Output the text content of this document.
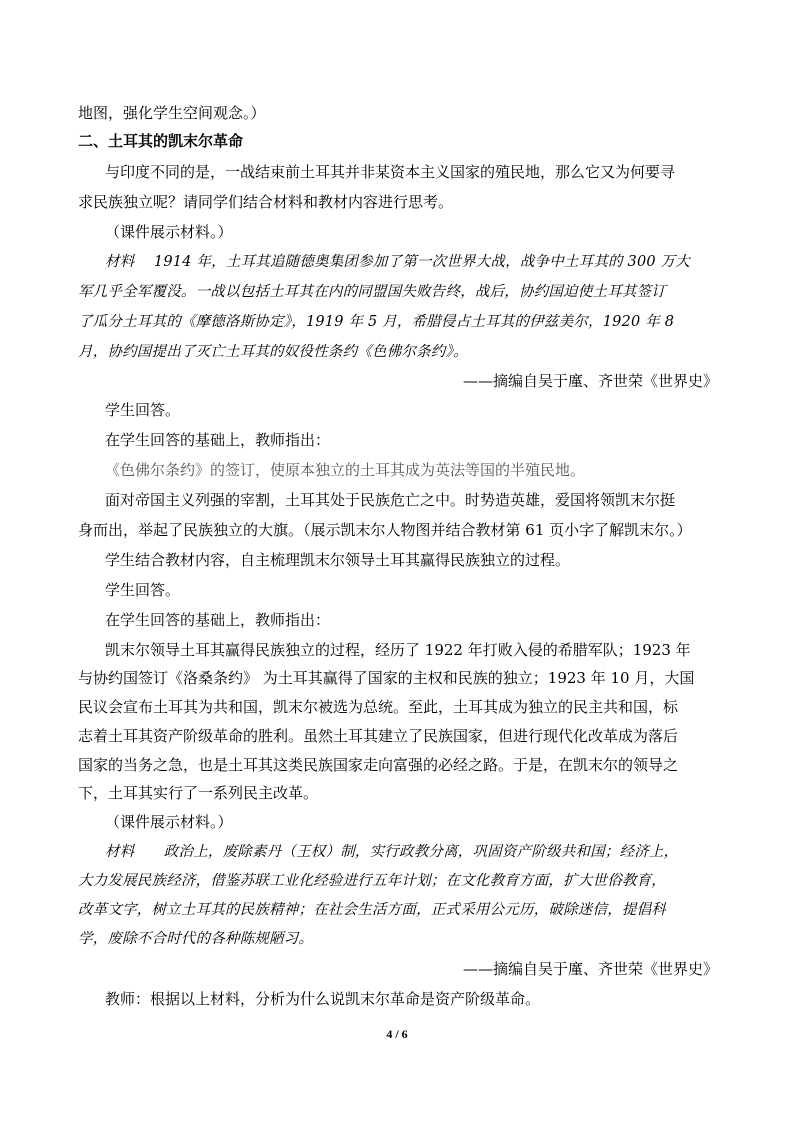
地图，强化学生空间观念。）
二、土耳其的凯末尔革命
与印度不同的是，一战结束前土耳其并非某资本主义国家的殖民地，那么它又为何要寻
求民族独立呢？请同学们结合材料和教材内容进行思考。
（课件展示材料。）
材料　 1914 年，土耳其追随德奥集团参加了第一次世界大战，战争中土耳其的 300 万大
军几乎全军覆没。一战以包括土耳其在内的同盟国失败告终，战后，协约国迫使土耳其签订
了瓜分土耳其的《摩德洛斯协定》，1919 年 5 月，希腊侵占土耳其的伊兹美尔，1920 年 8
月，协约国提出了灭亡土耳其的奴役性条约《色佛尔条约》。
——摘编自吴于廑、齐世荣《世界史》
学生回答。
在学生回答的基础上，教师指出：
《色佛尔条约》的签订，使原本独立的土耳其成为英法等国的半殖民地。
面对帝国主义列强的宰割，土耳其处于民族危亡之中。时势造英雄，爱国将领凯末尔挺
身而出，举起了民族独立的大旗。（展示凯末尔人物图并结合教材第 61 页小字了解凯末尔。）
学生结合教材内容，自主梳理凯末尔领导土耳其赢得民族独立的过程。
学生回答。
在学生回答的基础上，教师指出：
凯末尔领导土耳其赢得民族独立的过程，经历了 1922 年打败入侵的希腊军队；1923 年
与协约国签订《洛桑条约》 为土耳其赢得了国家的主权和民族的独立；1923 年 10 月，大国
民议会宣布土耳其为共和国，凯末尔被选为总统。至此，土耳其成为独立的民主共和国，标
志着土耳其资产阶级革命的胜利。虽然土耳其建立了民族国家，但进行现代化改革成为落后
国家的当务之急，也是土耳其这类民族国家走向富强的必经之路。于是，在凯末尔的领导之
下，土耳其实行了一系列民主改革。
（课件展示材料。）
材料　　政治上，废除素丹（王权）制，实行政教分离，巩固资产阶级共和国；经济上，
大力发展民族经济，借鉴苏联工业化经验进行五年计划；在文化教育方面，扩大世俗教育，
改革文字，树立土耳其的民族精神；在社会生活方面，正式采用公元历，破除迷信，提倡科
学，废除不合时代的各种陈规陋习。
——摘编自吴于廑、齐世荣《世界史》
教师：根据以上材料，分析为什么说凯末尔革命是资产阶级革命。
4 / 6
